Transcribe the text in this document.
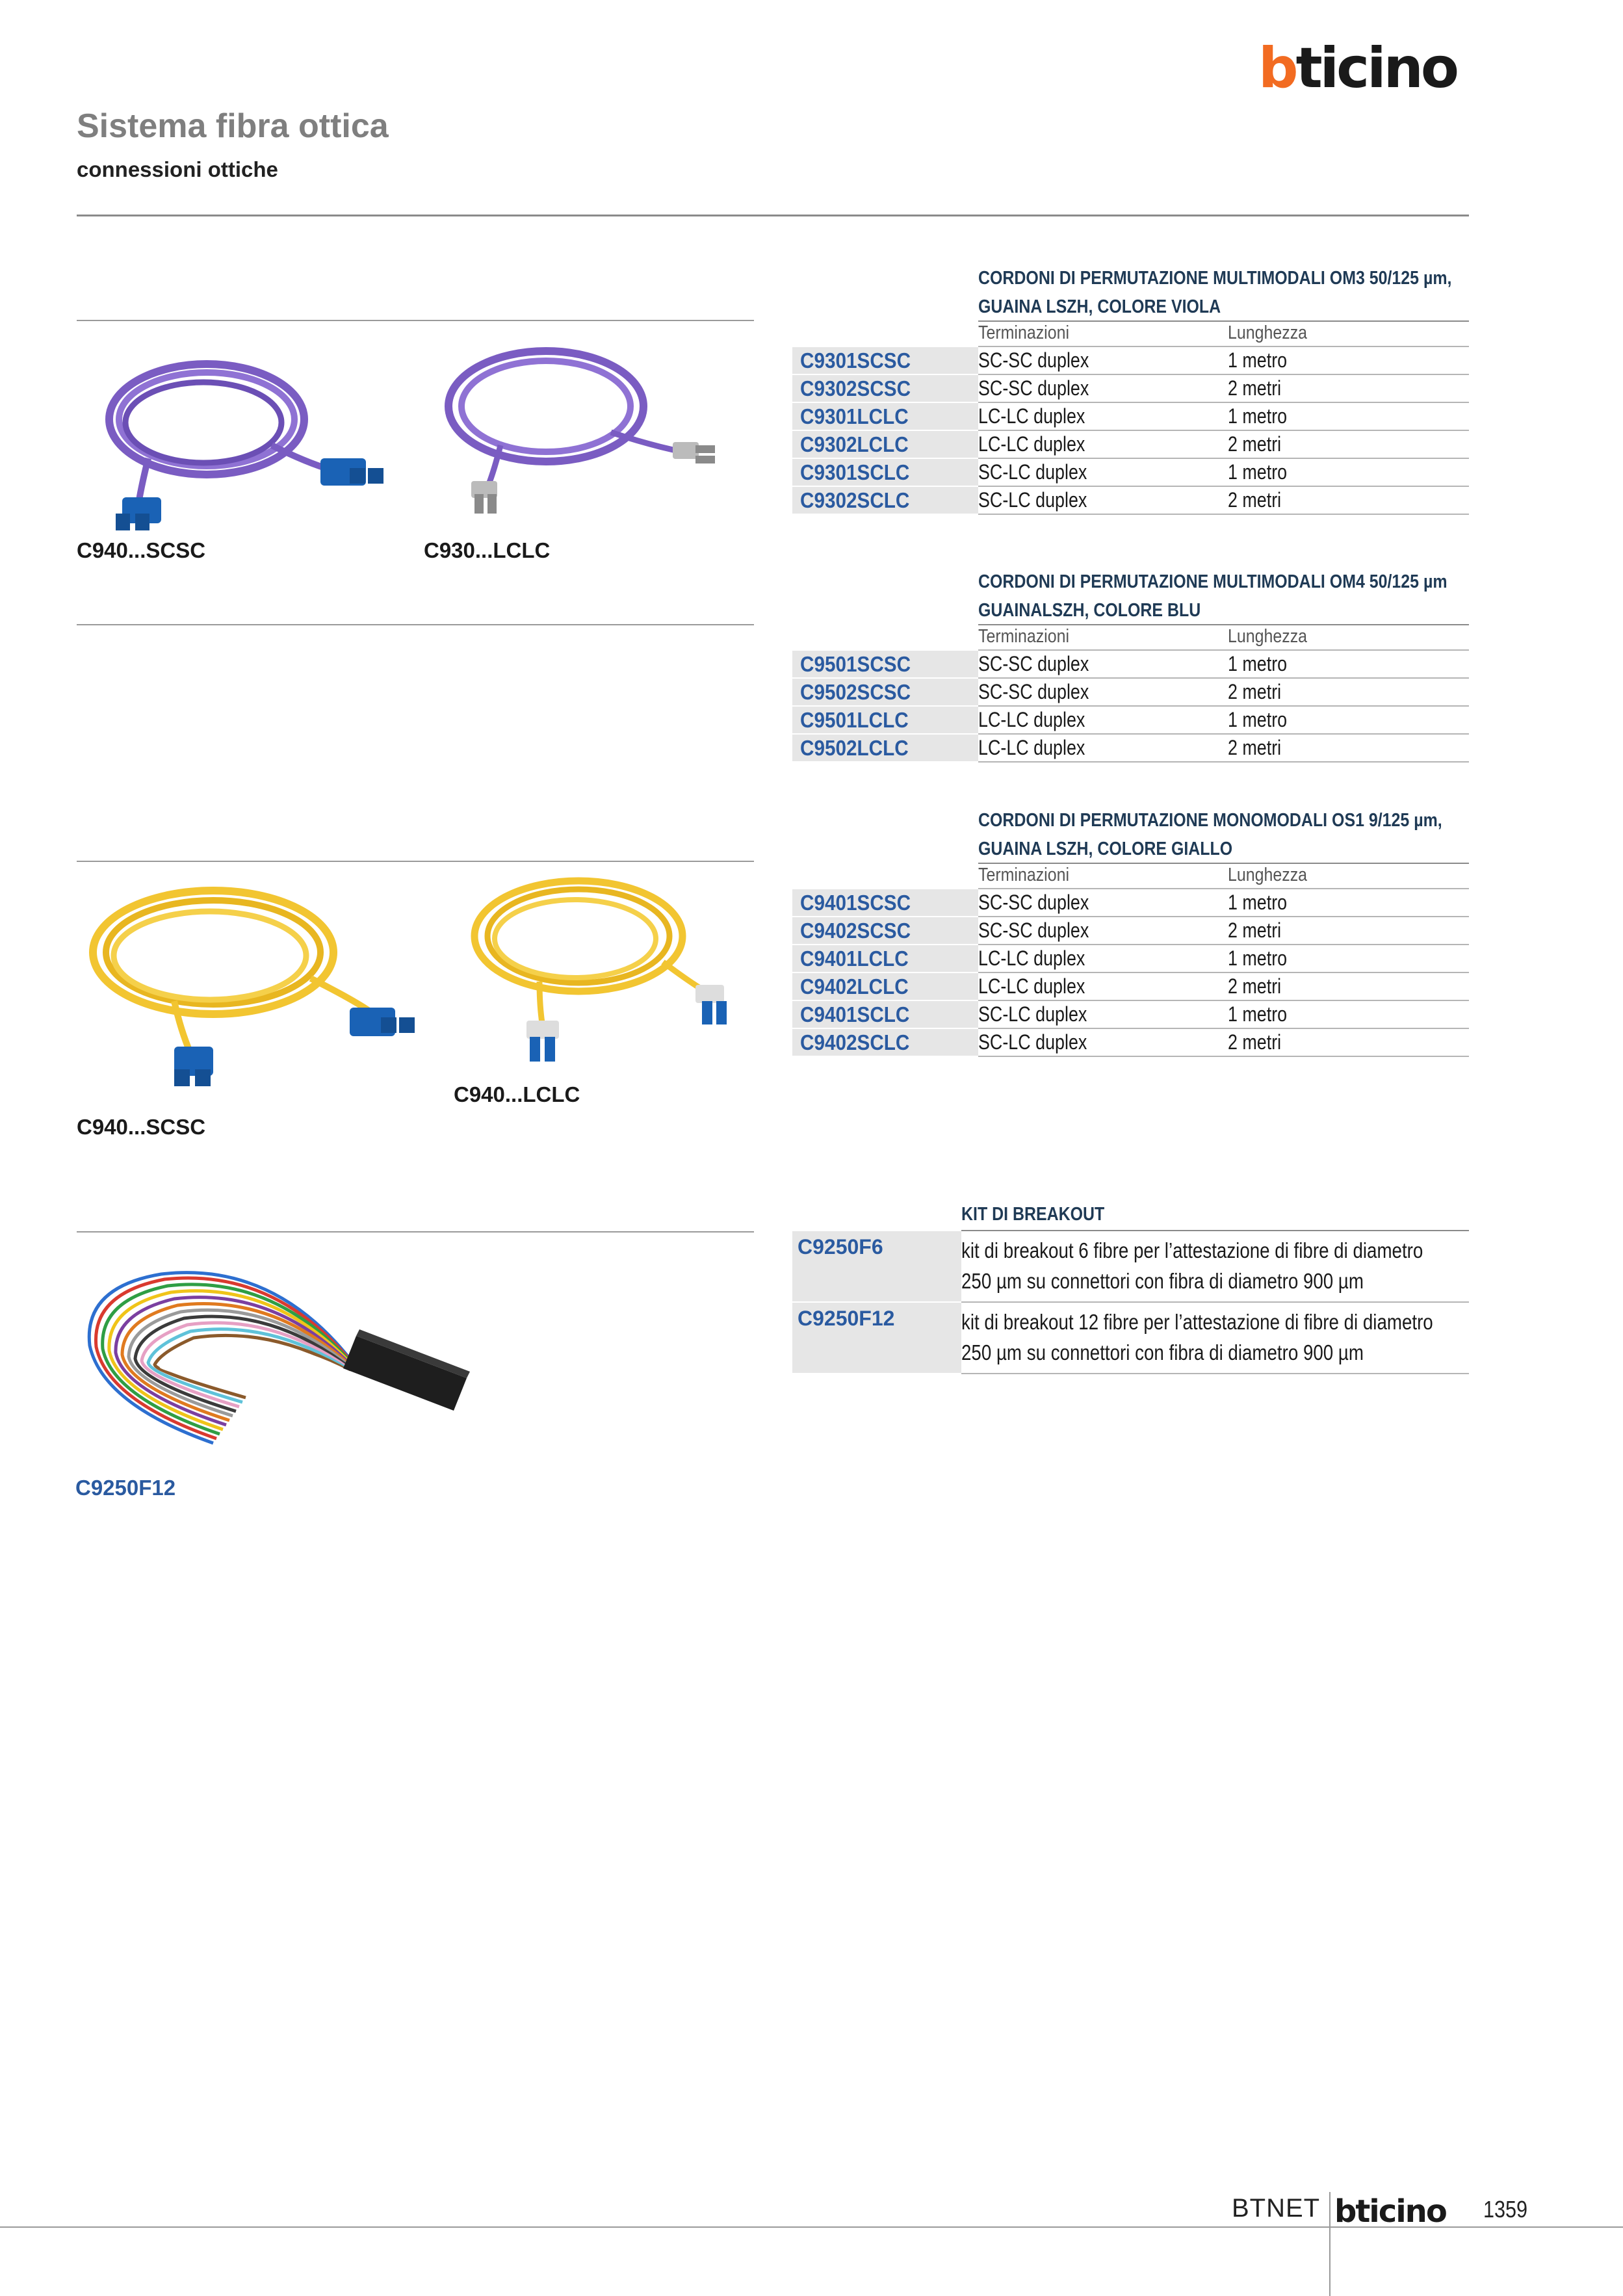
bticino
Sistema fibra ottica
connessioni ottiche
C940...SCSC	C930...LCLC
C940...SCSC
C940...LCLC
C9250F12
CORDONI DI PERMUTAZIONE MULTIMODALI OM3 50/125 µm,
GUAINA LSZH, COLORE VIOLA
Terminazioni	Lunghezza
C9301SCSC	SC-SC duplex	1 metro
C9302SCSC	SC-SC duplex	2 metri
C9301LCLC	LC-LC duplex	1 metro
C9302LCLC	LC-LC duplex	2 metri
C9301SCLC	SC-LC duplex	1 metro
C9302SCLC	SC-LC duplex	2 metri
CORDONI DI PERMUTAZIONE MULTIMODALI OM4 50/125 µm
GUAINALSZH, COLORE BLU
Terminazioni	Lunghezza
C9501SCSC	SC-SC duplex	1 metro
C9502SCSC	SC-SC duplex	2 metri
C9501LCLC	LC-LC duplex	1 metro
C9502LCLC	LC-LC duplex	2 metri
CORDONI DI PERMUTAZIONE MONOMODALI OS1 9/125 µm,
GUAINA LSZH, COLORE GIALLO
Terminazioni	Lunghezza
C9401SCSC	SC-SC duplex	1 metro
C9402SCSC	SC-SC duplex	2 metri
C9401LCLC	LC-LC duplex	1 metro
C9402LCLC	LC-LC duplex	2 metri
C9401SCLC	SC-LC duplex	1 metro
C9402SCLC	SC-LC duplex	2 metri
KIT DI BREAKOUT
C9250F6	kit di breakout 6 fibre per l’attestazione di fibre di diametro 250 µm su connettori con fibra di diametro 900 µm
C9250F12	kit di breakout 12 fibre per l’attestazione di fibre di diametro 250 µm su connettori con fibra di diametro 900 µm
BTNET bticino 1359
